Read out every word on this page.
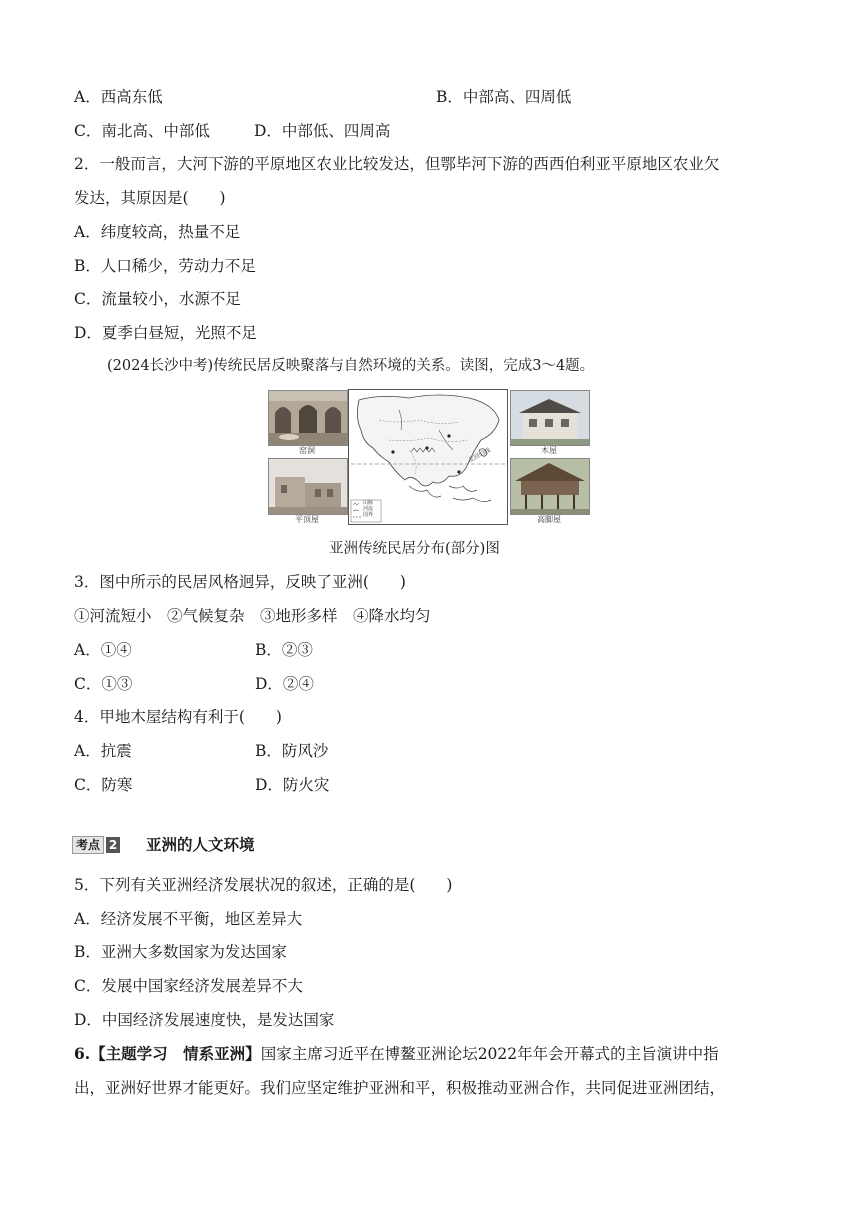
A．西高东低	B．中部高、四周低
C．南北高、中部低	D．中部低、四周高
2．一般而言，大河下游的平原地区农业比较发达，但鄂毕河下游的西西伯利亚平原地区农业欠
发达，其原因是(　　)
A．纬度较高，热量不足
B．人口稀少，劳动力不足
C．流量较小，水源不足
D．夏季白昼短，光照不足
(2024长沙中考)传统民居反映聚落与自然环境的关系。读图，完成3～4题。
窑洞
平顶屋
山脉
河流
国界
北回归线	木屋
高脚屋
亚洲传统民居分布(部分)图
3．图中所示的民居风格迥异，反映了亚洲(　　)
①河流短小　②气候复杂　③地形多样　④降水均匀
A．①④	B．②③
C．①③	D．②④
4．甲地木屋结构有利于(　　)
A．抗震	B．防风沙
C．防寒	D．防火灾
考点 2 亚洲的人文环境
5．下列有关亚洲经济发展状况的叙述，正确的是(　　)
A．经济发展不平衡，地区差异大
B．亚洲大多数国家为发达国家
C．发展中国家经济发展差异不大
D．中国经济发展速度快，是发达国家
6.【主题学习　情系亚洲】国家主席习近平在博鳌亚洲论坛2022年年会开幕式的主旨演讲中指
出，亚洲好世界才能更好。我们应坚定维护亚洲和平，积极推动亚洲合作，共同促进亚洲团结，
